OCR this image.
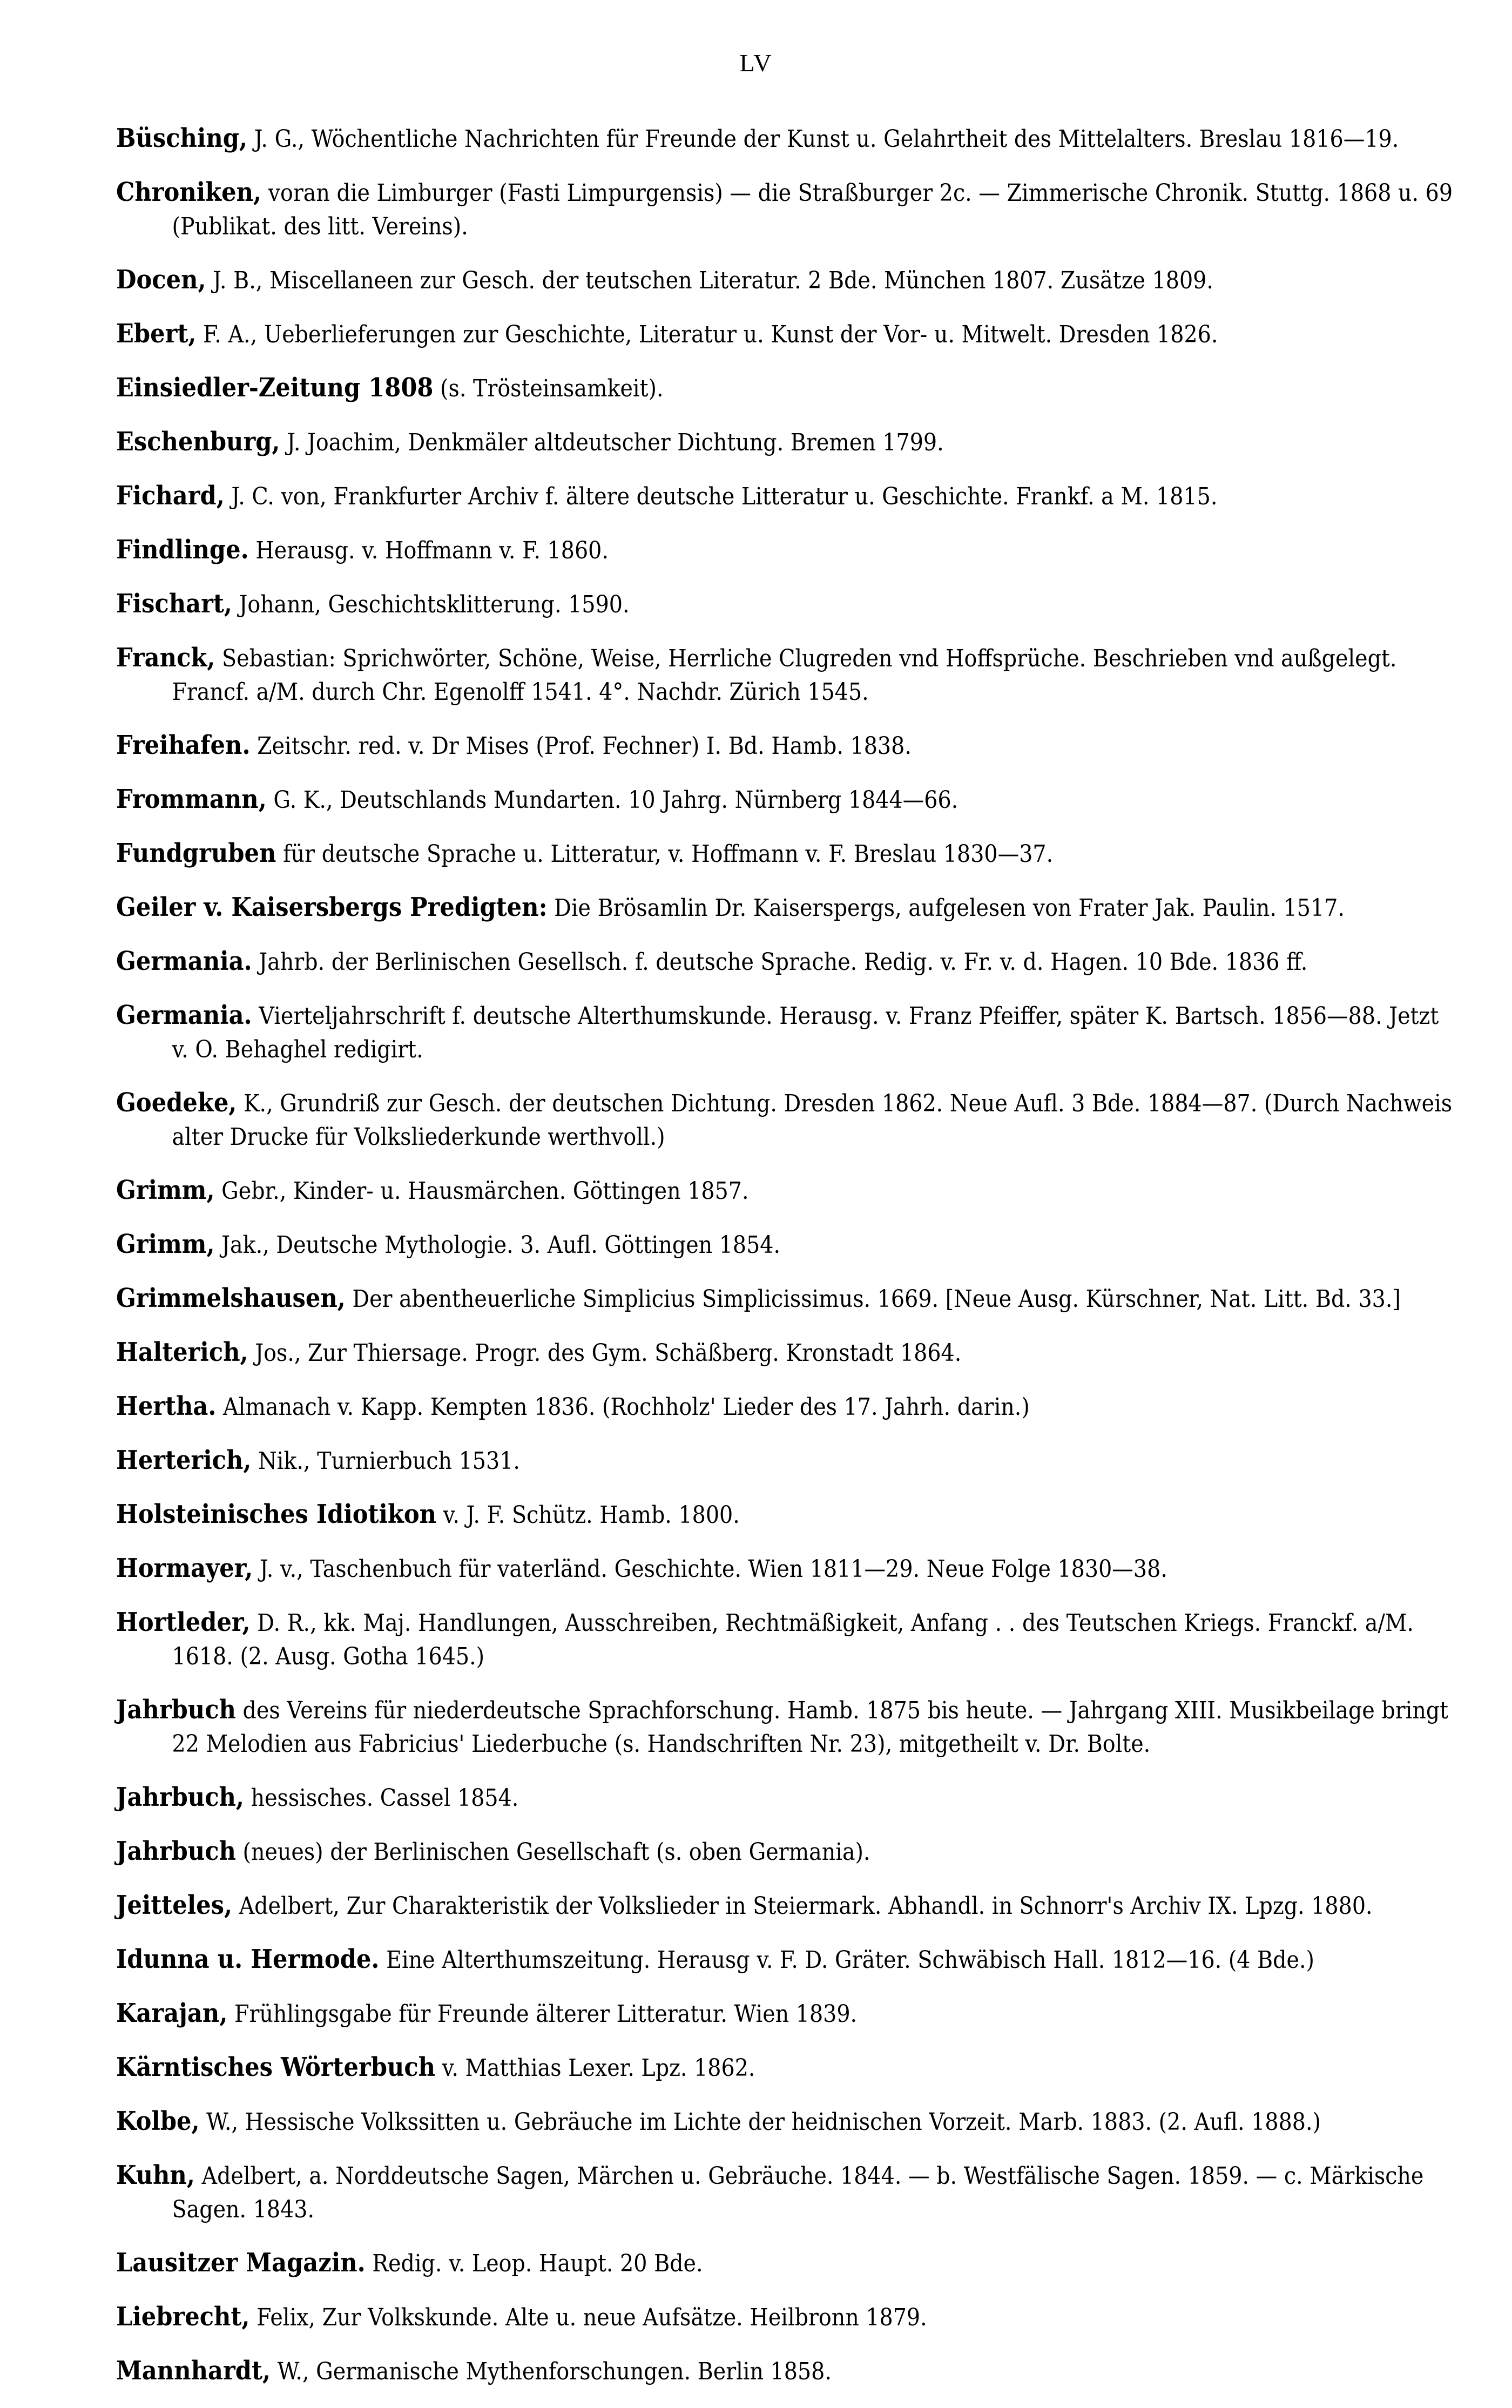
LV
Büsching, J. G., Wöchentliche Nachrichten für Freunde der Kunst u. Gelahrtheit des Mittelalters. Breslau 1816—19.
Chroniken, voran die Limburger (Fasti Limpurgensis) — die Straßburger 2c. — Zimmerische Chronik. Stuttg. 1868 u. 69 (Publikat. des litt. Vereins).
Docen, J. B., Miscellaneen zur Gesch. der teutschen Literatur. 2 Bde. München 1807. Zusätze 1809.
Ebert, F. A., Ueberlieferungen zur Geschichte, Literatur u. Kunst der Vor- u. Mitwelt. Dresden 1826.
Einsiedler-Zeitung 1808 (s. Trösteinsamkeit).
Eschenburg, J. Joachim, Denkmäler altdeutscher Dichtung. Bremen 1799.
Fichard, J. C. von, Frankfurter Archiv f. ältere deutsche Litteratur u. Geschichte. Frankf. a M. 1815.
Findlinge. Herausg. v. Hoffmann v. F. 1860.
Fischart, Johann, Geschichtsklitterung. 1590.
Franck, Sebastian: Sprichwörter, Schöne, Weise, Herrliche Clugreden vnd Hoffsprüche. Beschrieben vnd außgelegt. Francf. a/M. durch Chr. Egenolff 1541. 4°. Nachdr. Zürich 1545.
Freihafen. Zeitschr. red. v. Dr Mises (Prof. Fechner) I. Bd. Hamb. 1838.
Frommann, G. K., Deutschlands Mundarten. 10 Jahrg. Nürnberg 1844—66.
Fundgruben für deutsche Sprache u. Litteratur, v. Hoffmann v. F. Breslau 1830—37.
Geiler v. Kaisersbergs Predigten: Die Brösamlin Dr. Kaiserspergs, aufgelesen von Frater Jak. Paulin. 1517.
Germania. Jahrb. der Berlinischen Gesellsch. f. deutsche Sprache. Redig. v. Fr. v. d. Hagen. 10 Bde. 1836 ff.
Germania. Vierteljahrschrift f. deutsche Alterthumskunde. Herausg. v. Franz Pfeiffer, später K. Bartsch. 1856—88. Jetzt v. O. Behaghel redigirt.
Goedeke, K., Grundriß zur Gesch. der deutschen Dichtung. Dresden 1862. Neue Aufl. 3 Bde. 1884—87. (Durch Nachweis alter Drucke für Volksliederkunde werthvoll.)
Grimm, Gebr., Kinder- u. Hausmärchen. Göttingen 1857.
Grimm, Jak., Deutsche Mythologie. 3. Aufl. Göttingen 1854.
Grimmelshausen, Der abentheuerliche Simplicius Simplicissimus. 1669. [Neue Ausg. Kürschner, Nat. Litt. Bd. 33.]
Halterich, Jos., Zur Thiersage. Progr. des Gym. Schäßberg. Kronstadt 1864.
Hertha. Almanach v. Kapp. Kempten 1836. (Rochholz' Lieder des 17. Jahrh. darin.)
Herterich, Nik., Turnierbuch 1531.
Holsteinisches Idiotikon v. J. F. Schütz. Hamb. 1800.
Hormayer, J. v., Taschenbuch für vaterländ. Geschichte. Wien 1811—29. Neue Folge 1830—38.
Hortleder, D. R., kk. Maj. Handlungen, Ausschreiben, Rechtmäßigkeit, Anfang . . des Teutschen Kriegs. Franckf. a/M. 1618. (2. Ausg. Gotha 1645.)
Jahrbuch des Vereins für niederdeutsche Sprachforschung. Hamb. 1875 bis heute. — Jahrgang XIII. Musikbeilage bringt 22 Melodien aus Fabricius' Liederbuche (s. Handschriften Nr. 23), mitgetheilt v. Dr. Bolte.
Jahrbuch, hessisches. Cassel 1854.
Jahrbuch (neues) der Berlinischen Gesellschaft (s. oben Germania).
Jeitteles, Adelbert, Zur Charakteristik der Volkslieder in Steiermark. Abhandl. in Schnorr's Archiv IX. Lpzg. 1880.
Idunna u. Hermode. Eine Alterthumszeitung. Herausg v. F. D. Gräter. Schwäbisch Hall. 1812—16. (4 Bde.)
Karajan, Frühlingsgabe für Freunde älterer Litteratur. Wien 1839.
Kärntisches Wörterbuch v. Matthias Lexer. Lpz. 1862.
Kolbe, W., Hessische Volkssitten u. Gebräuche im Lichte der heidnischen Vorzeit. Marb. 1883. (2. Aufl. 1888.)
Kuhn, Adelbert, a. Norddeutsche Sagen, Märchen u. Gebräuche. 1844. — b. Westfälische Sagen. 1859. — c. Märkische Sagen. 1843.
Lausitzer Magazin. Redig. v. Leop. Haupt. 20 Bde.
Liebrecht, Felix, Zur Volkskunde. Alte u. neue Aufsätze. Heilbronn 1879.
Mannhardt, W., Germanische Mythenforschungen. Berlin 1858.
